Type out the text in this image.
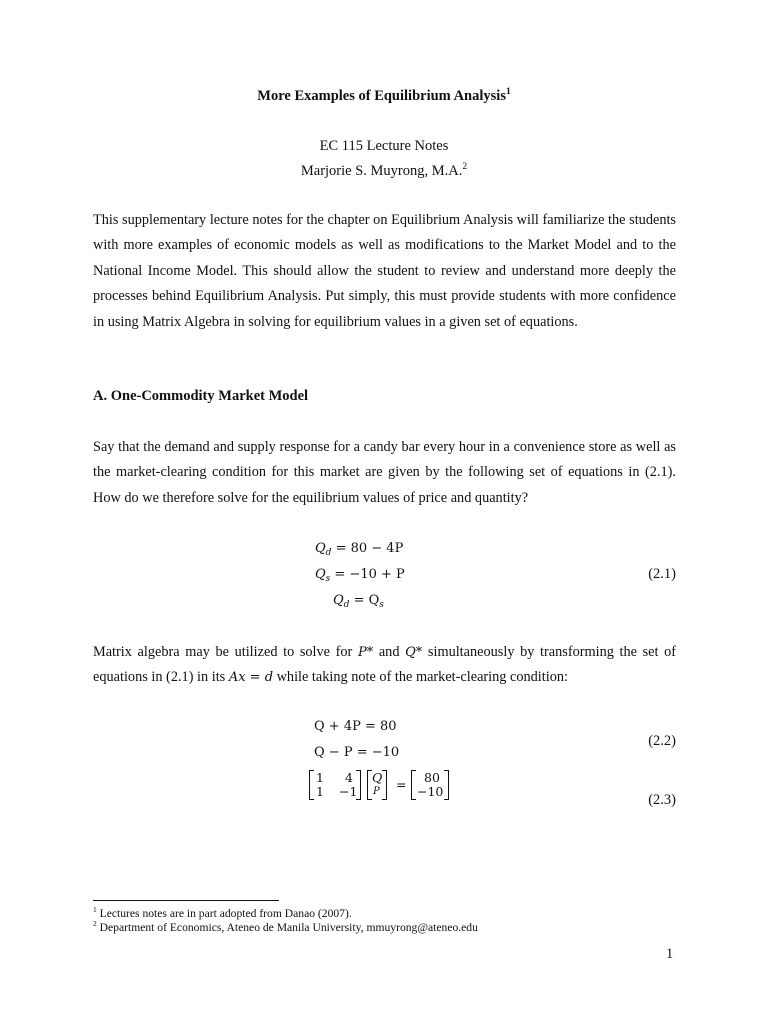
More Examples of Equilibrium Analysis$^1$
EC 115 Lecture Notes
Marjorie S. Muyrong, M.A.$^2$

This supplementary lecture notes for the chapter on Equilibrium Analysis will familiarize the students with more examples of economic models as well as modifications to the Market Model and to the National Income Model. This should allow the student to review and understand more deeply the processes behind Equilibrium Analysis. Put simply, this must provide students with more confidence in using Matrix Algebra in solving for equilibrium values in a given set of equations.

A. One-Commodity Market Model

Say that the demand and supply response for a candy bar every hour in a convenience store as well as the market-clearing condition for this market are given by the following set of equations in (2.1). How do we therefore solve for the equilibrium values of price and quantity?

$Q_d = 80 - 4P$
$Q_s = -10 + P$
$Q_d = Q_s$
(2.1)

Matrix algebra may be utilized to solve for P* and Q* simultaneously by transforming the set of equations in (2.1) in its Ax = d while taking note of the market-clearing condition:

Q + 4P = 80
Q − P = −10
(2.2)
1 4
1 −1
Q
P = 80
−10
(2.3)
$^1$ Lectures notes are in part adopted from Danao (2007).
$^2$ Department of Economics, Ateneo de Manila University, mmuyrong@ateneo.edu
1
